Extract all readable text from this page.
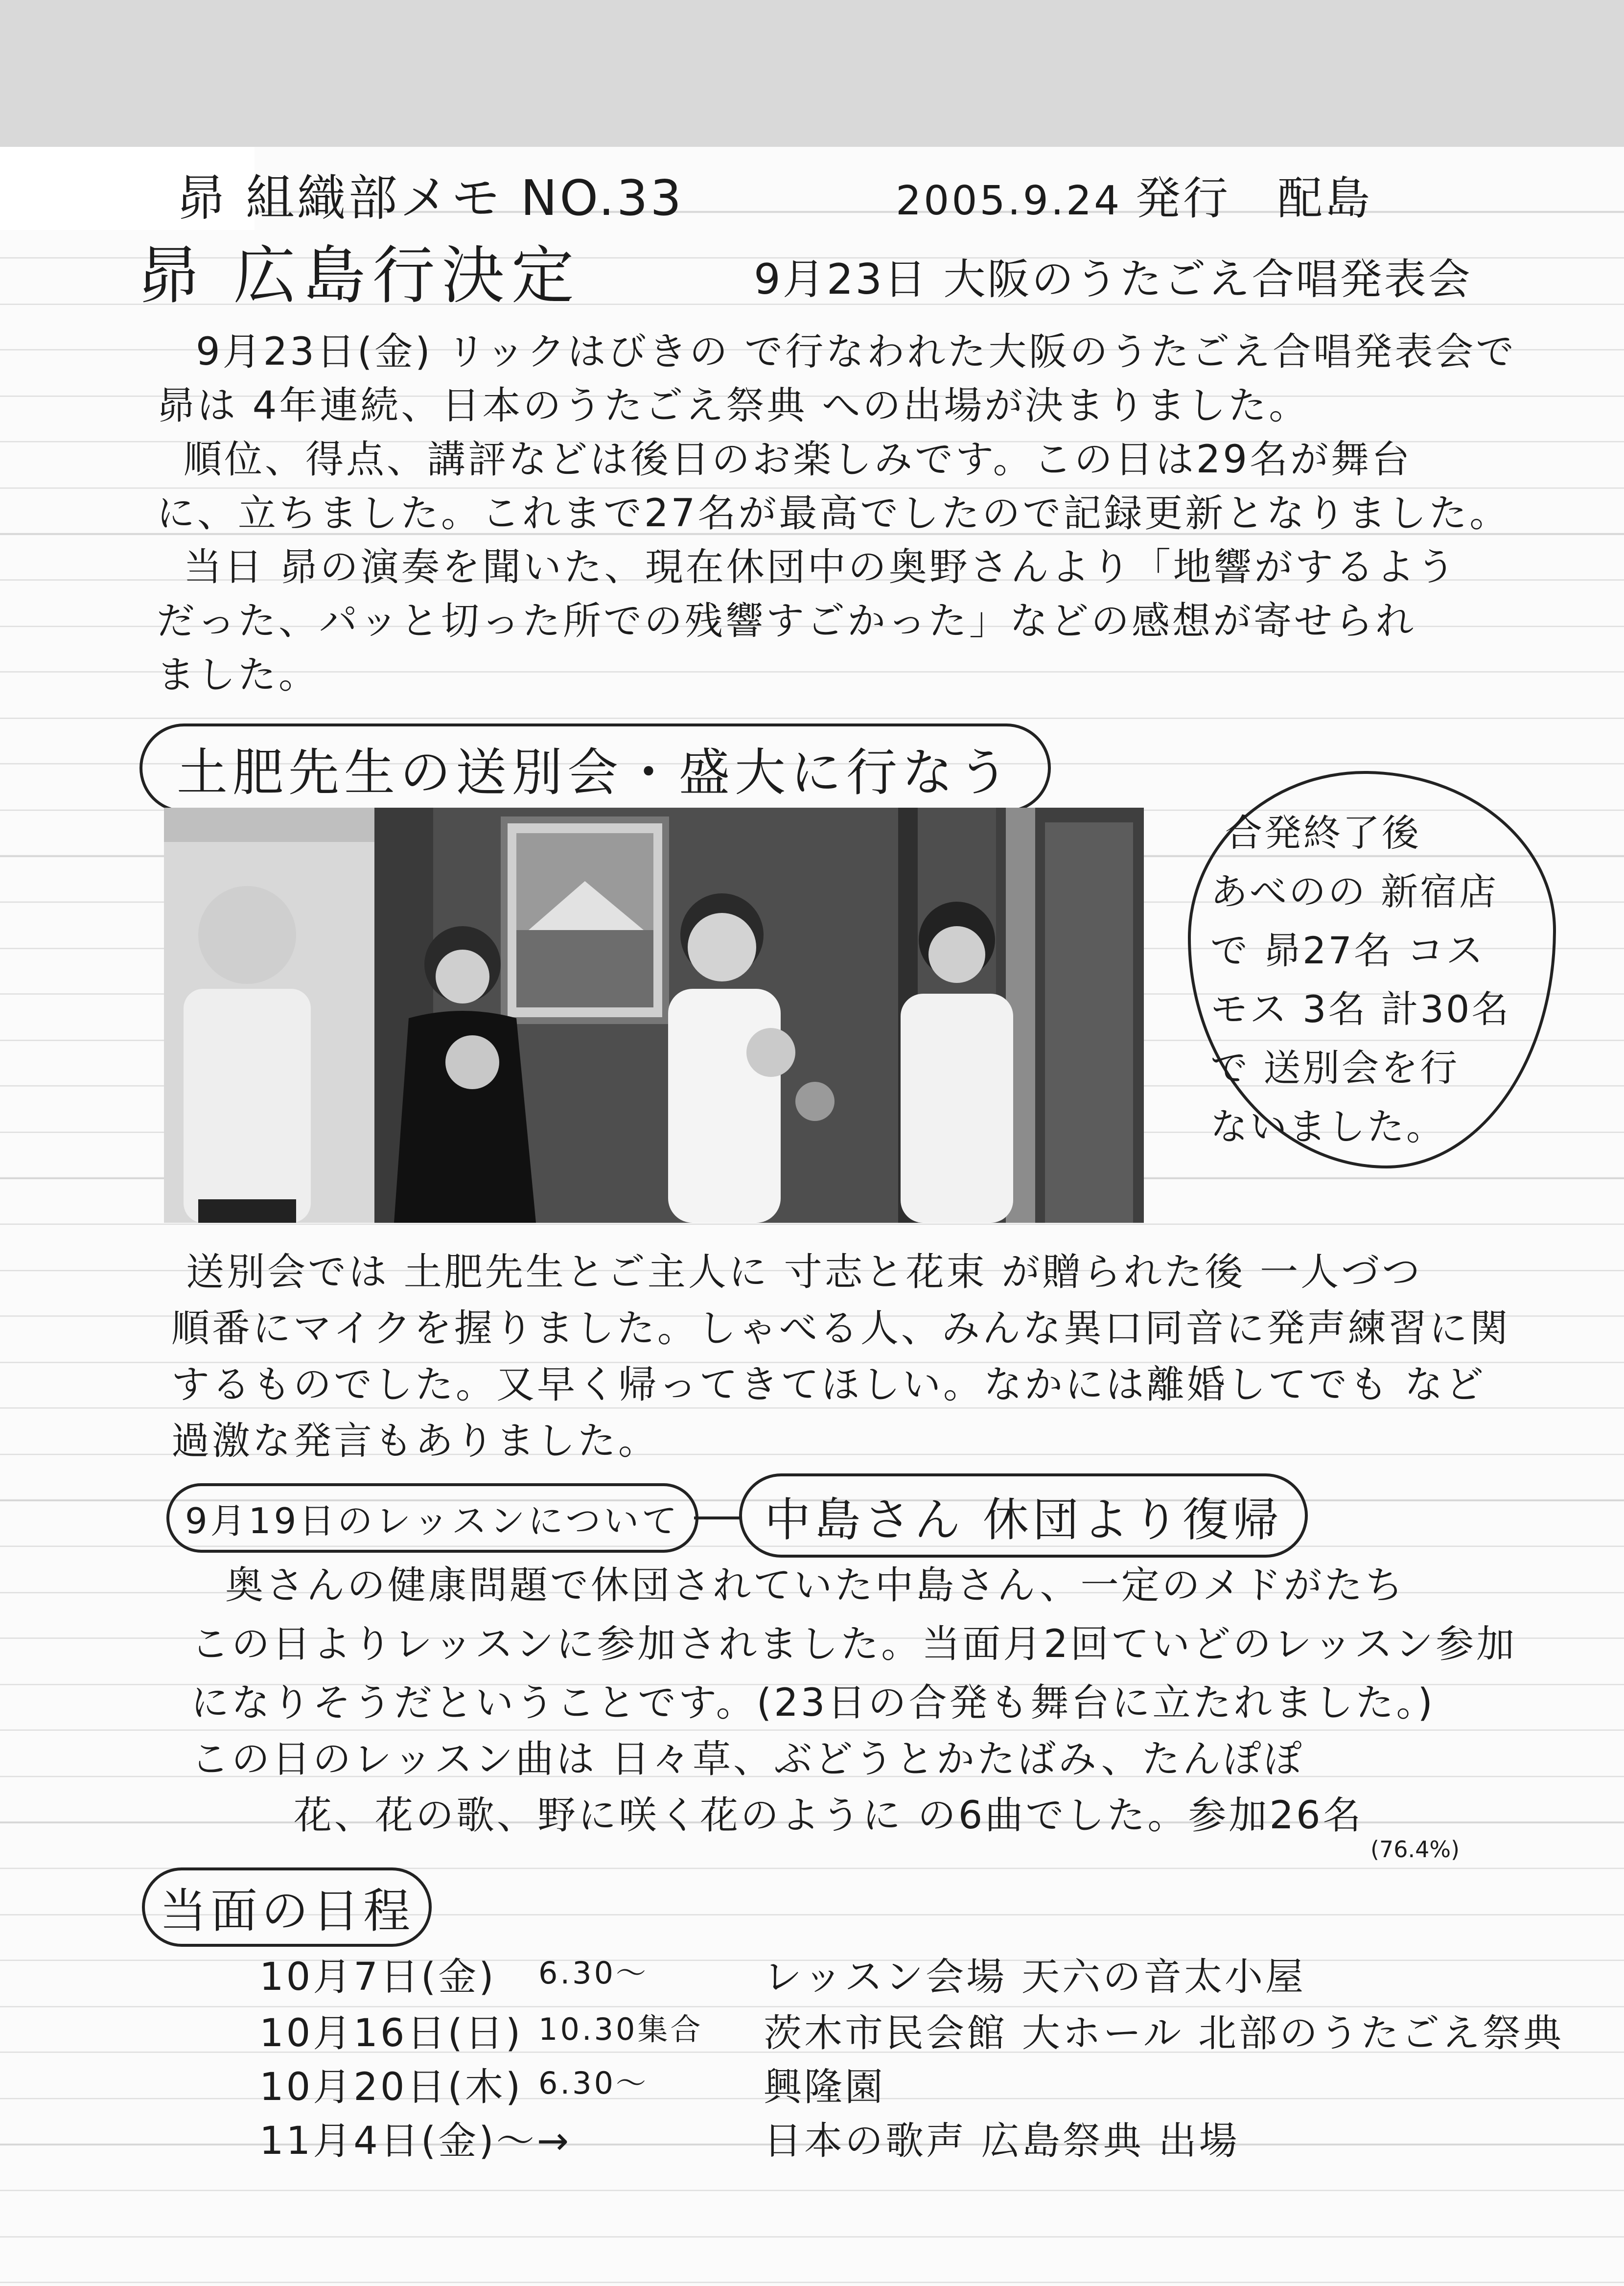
昴 組織部メモ NO.33	2005.9.24 発行 配島
昴 広島行決定	9月23日 大阪のうたごえ合唱発表会
9月23日(金) リックはびきの で行なわれた大阪のうたごえ合唱発表会で
昴は 4年連続、日本のうたごえ祭典 への出場が決まりました。
順位、得点、講評などは後日のお楽しみです。この日は29名が舞台
に、立ちました。これまで27名が最高でしたので記録更新となりました。
当日 昴の演奏を聞いた、現在休団中の奥野さんより「地響がするよう
だった、パッと切った所での残響すごかった」などの感想が寄せられ
ました。
土肥先生の送別会・盛大に行なう
合発終了後
あべのの 新宿店
で 昴27名 コス
モス 3名 計30名
で 送別会を行
ないました。
送別会では 土肥先生とご主人に 寸志と花束 が贈られた後 一人づつ
順番にマイクを握りました。しゃべる人、みんな異口同音に発声練習に関
するものでした。又早く帰ってきてほしい。なかには離婚してでも など
過激な発言もありました。
9月19日のレッスンについて 中島さん 休団より復帰
奥さんの健康問題で休団されていた中島さん、一定のメドがたち
この日よりレッスンに参加されました。当面月2回ていどのレッスン参加
になりそうだということです。(23日の合発も舞台に立たれました。)
この日のレッスン曲は 日々草、ぶどうとかたばみ、たんぽぽ
花、花の歌、野に咲く花のように の6曲でした。参加26名
(76.4%)
当面の日程
10月7日(金) 6.30〜	レッスン会場 天六の音太小屋
10月16日(日) 10.30集合 茨木市民会館 大ホール 北部のうたごえ祭典
10月20日(木) 6.30〜	興隆園
11月4日(金)〜→	日本の歌声 広島祭典 出場
